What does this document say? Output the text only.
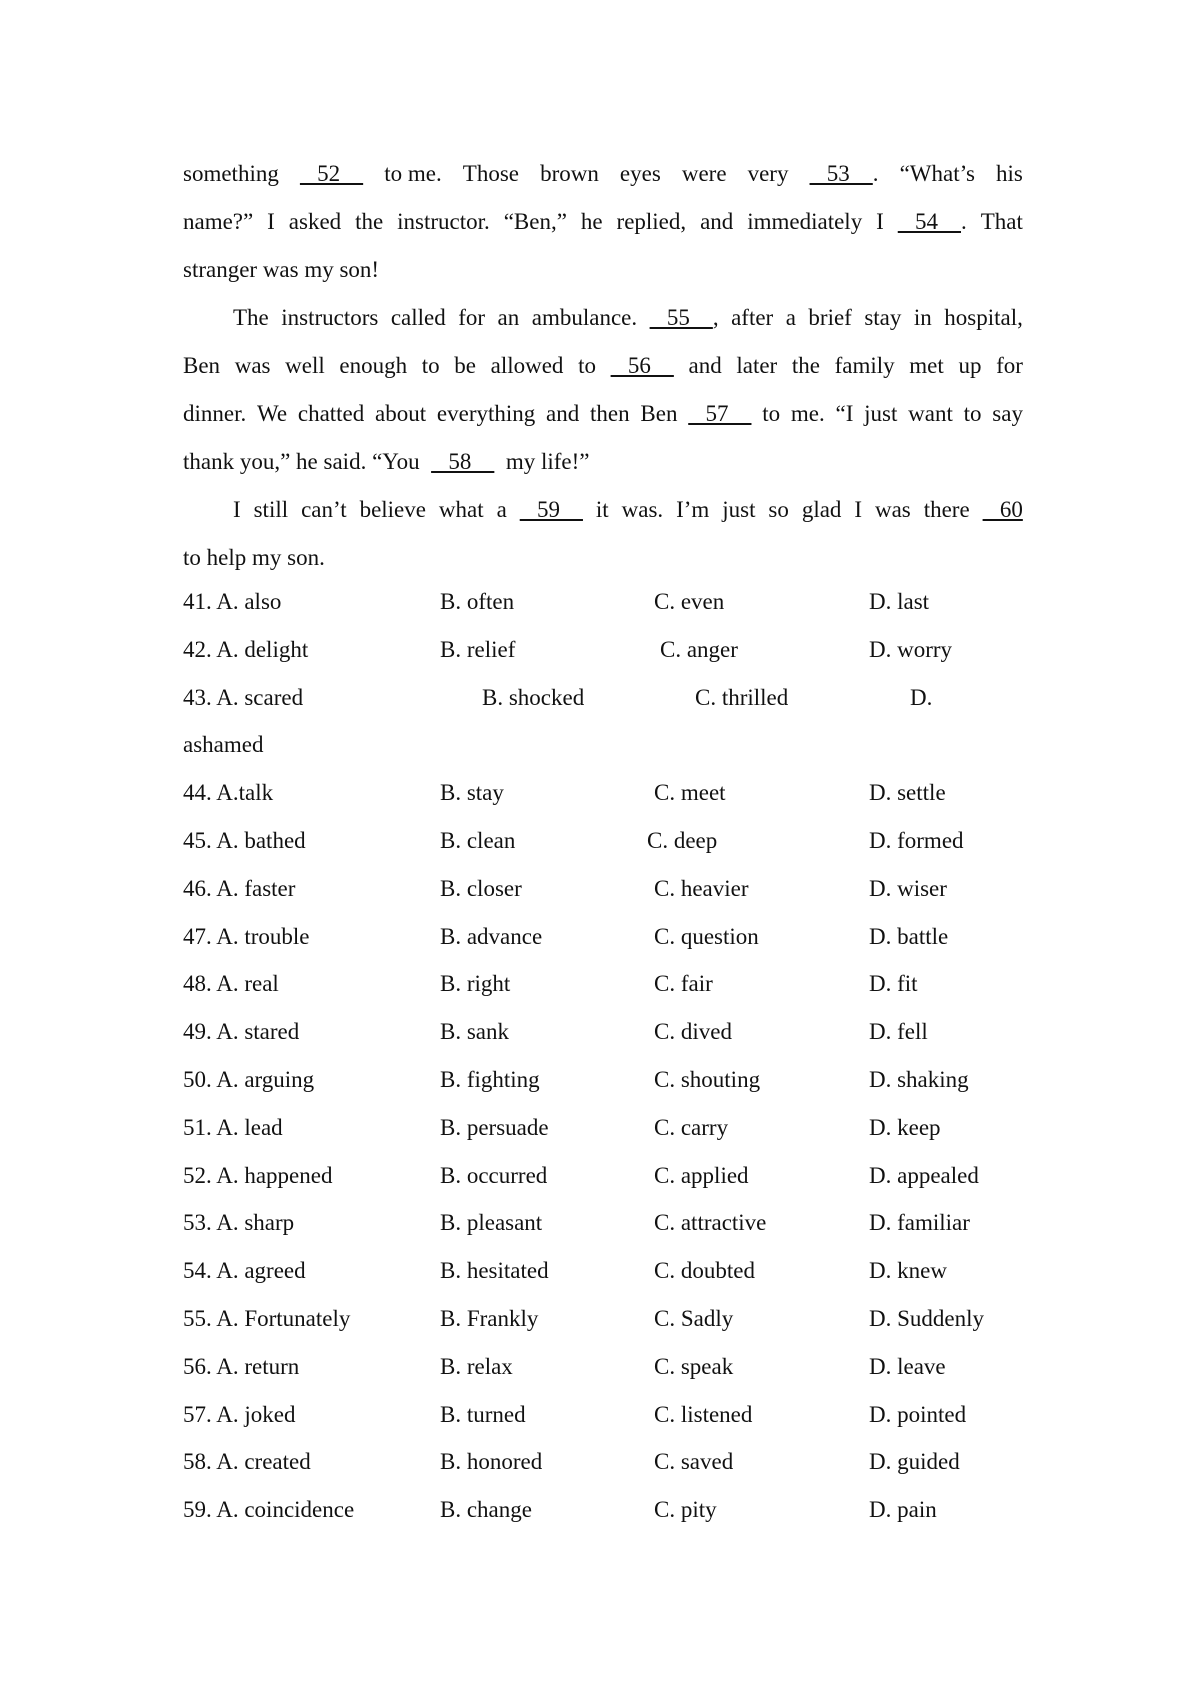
something 52 to me. Those brown eyes were very 53    . “What’s his
name?” I asked the instructor. “Ben,” he replied, and immediately I 54    . That
stranger was my son!
The instructors called for an ambulance. 55    , after a brief stay in hospital,
Ben was well enough to be allowed to 56 and later the family met up for
dinner. We chatted about everything and then Ben 57 to me. “I just want to say
thank you,” he said. “You
58
my life!”
I still can’t believe what a 59 it was. I’m just so glad I was there 60
to help my son.
41. A. also	B. often	C. even	D. last
42. A. delight	B. relief	C. anger	D. worry
43. A. scared	B. shocked	C. thrilled	D.
ashamed
44. A.talk	B. stay	C. meet	D. settle
45. A. bathed	B. clean	C. deep	D. formed
46. A. faster	B. closer	C. heavier	D. wiser
47. A. trouble	B. advance	C. question	D. battle
48. A. real	B. right	C. fair	D. fit
49. A. stared	B. sank	C. dived	D. fell
50. A. arguing	B. fighting	C. shouting	D. shaking
51. A. lead	B. persuade	C. carry	D. keep
52. A. happened	B. occurred	C. applied	D. appealed
53. A. sharp	B. pleasant	C. attractive	D. familiar
54. A. agreed	B. hesitated	C. doubted	D. knew
55. A. Fortunately	B. Frankly	C. Sadly	D. Suddenly
56. A. return	B. relax	C. speak	D. leave
57. A. joked	B. turned	C. listened	D. pointed
58. A. created	B. honored	C. saved	D. guided
59. A. coincidence	B. change	C. pity	D. pain
